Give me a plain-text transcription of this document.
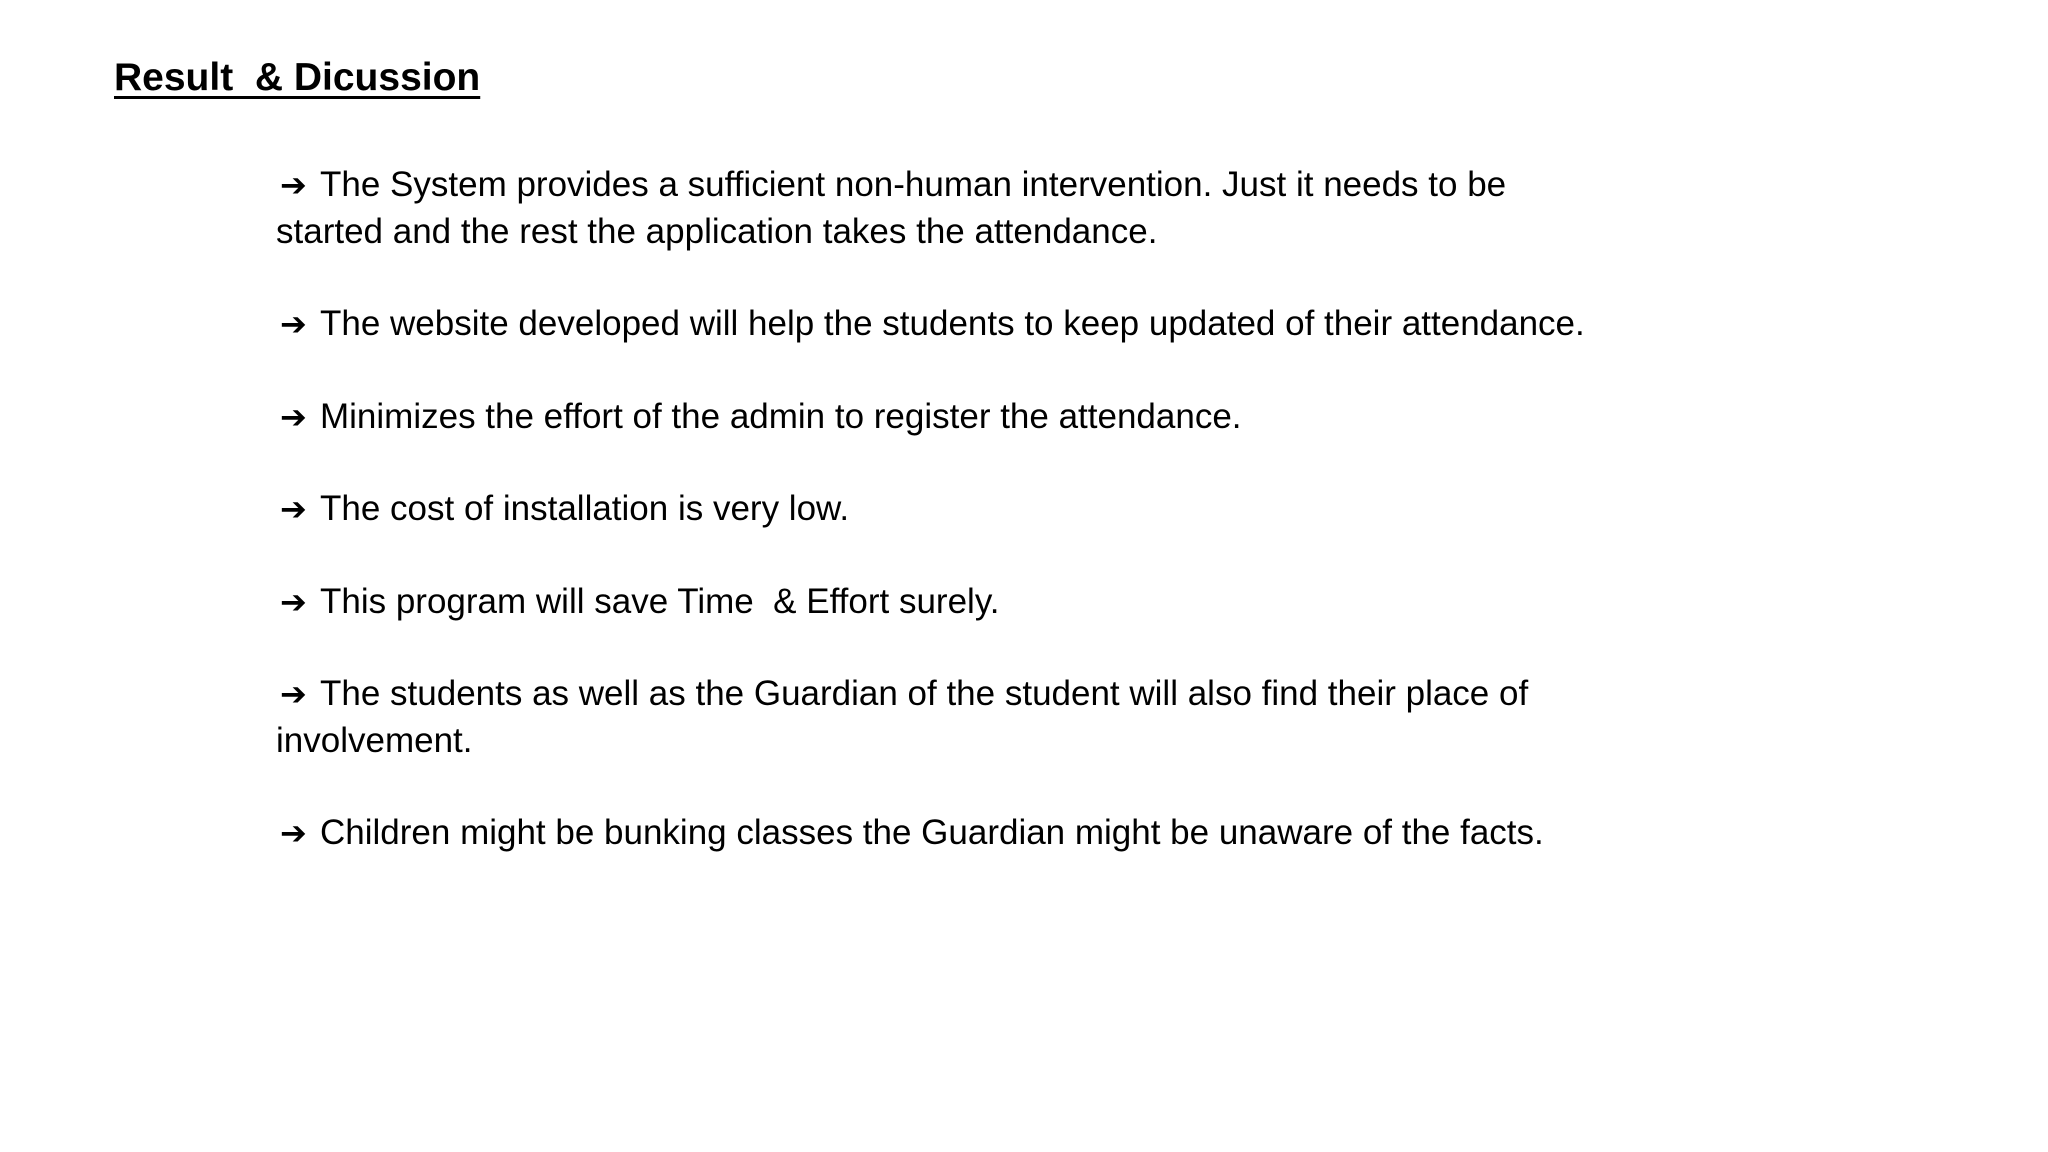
Result  & Dicussion
➔ The System provides a sufficient non-human intervention. Just it needs to be
started and the rest the application takes the attendance.
➔ The website developed will help the students to keep updated of their attendance.
➔ Minimizes the effort of the admin to register the attendance.
➔ The cost of installation is very low.
➔ This program will save Time  & Effort surely.
➔ The students as well as the Guardian of the student will also find their place of
involvement.
➔ Children might be bunking classes the Guardian might be unaware of the facts.
